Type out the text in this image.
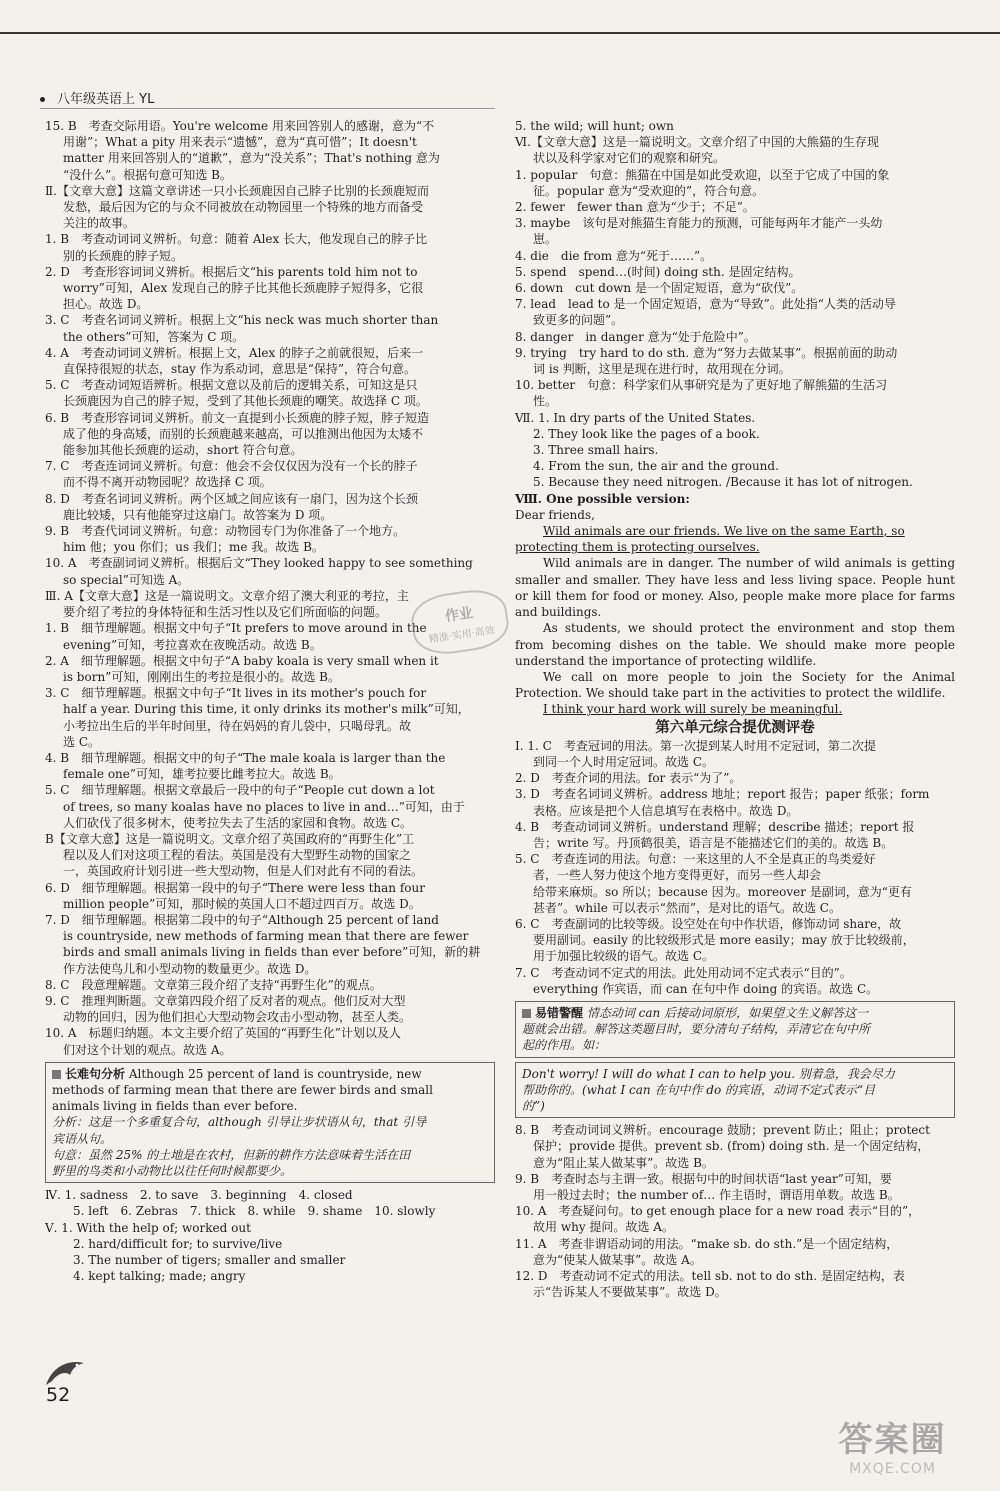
八年级英语上 YL

15. B　考查交际用语。You're welcome 用来回答别人的感谢，意为“不

用谢”；What a pity 用来表示“遗憾”，意为“真可惜”；It doesn't

matter 用来回答别人的“道歉”，意为“没关系”；That's nothing 意为

“没什么”。根据句意可知选 B。

Ⅱ.【文章大意】这篇文章讲述一只小长颈鹿因自己脖子比别的长颈鹿短而

发愁，最后因为它的与众不同被放在动物园里一个特殊的地方而备受

关注的故事。

1. B　考查动词词义辨析。句意：随着 Alex 长大，他发现自己的脖子比

别的长颈鹿的脖子短。

2. D　考查形容词词义辨析。根据后文“his parents told him not to

worry”可知，Alex 发现自己的脖子比其他长颈鹿脖子短得多，它很

担心。故选 D。

3. C　考查名词词义辨析。根据上文“his neck was much shorter than

the others”可知，答案为 C 项。

4. A　考查动词词义辨析。根据上文，Alex 的脖子之前就很短，后来一

直保持很短的状态，stay 作为系动词，意思是“保持”，符合句意。

5. C　考查动词短语辨析。根据文意以及前后的逻辑关系，可知这是只

长颈鹿因为自己的脖子短，受到了其他长颈鹿的嘲笑。故选择 C 项。

6. B　考查形容词词义辨析。前文一直提到小长颈鹿的脖子短，脖子短造

成了他的身高矮，而别的长颈鹿越来越高，可以推测出他因为太矮不

能参加其他长颈鹿的运动，short 符合句意。

7. C　考查连词词义辨析。句意：他会不会仅仅因为没有一个长的脖子

而不得不离开动物园呢？故选择 C 项。

8. D　考查名词词义辨析。两个区域之间应该有一扇门，因为这个长颈

鹿比较矮，只有他能穿过这扇门。故答案为 D 项。

9. B　考查代词词义辨析。句意：动物园专门为你准备了一个地方。

him 他；you 你们；us 我们；me 我。故选 B。

10. A　考查副词词义辨析。根据后文“They looked happy to see something

so special”可知选 A。

Ⅲ. A【文章大意】这是一篇说明文。文章介绍了澳大利亚的考拉，主

要介绍了考拉的身体特征和生活习性以及它们所面临的问题。

1. B　细节理解题。根据文中句子“It prefers to move around in the

evening”可知，考拉喜欢在夜晚活动。故选 B。

2. A　细节理解题。根据文中句子“A baby koala is very small when it

is born”可知，刚刚出生的考拉是很小的。故选 B。

3. C　细节理解题。根据文中句子“It lives in its mother's pouch for

half a year. During this time, it only drinks its mother's milk”可知，

小考拉出生后的半年时间里，待在妈妈的育儿袋中，只喝母乳。故

选 C。

4. B　细节理解题。根据文中的句子“The male koala is larger than the

female one”可知，雄考拉要比雌考拉大。故选 B。

5. C　细节理解题。根据文章最后一段中的句子“People cut down a lot

of trees, so many koalas have no places to live in and…”可知，由于

人们砍伐了很多树木，使考拉失去了生活的家园和食物。故选 C。

B【文章大意】这是一篇说明文。文章介绍了英国政府的“再野生化”工

程以及人们对这项工程的看法。英国是没有大型野生动物的国家之

一，英国政府计划引进一些大型动物，但是人们对此有不同的看法。

6. D　细节理解题。根据第一段中的句子“There were less than four

million people”可知，那时候的英国人口不超过四百万。故选 D。

7. D　细节理解题。根据第二段中的句子“Although 25 percent of land

is countryside, new methods of farming mean that there are fewer

birds and small animals living in fields than ever before”可知，新的耕

作方法使鸟儿和小型动物的数量更少。故选 D。

8. C　段意理解题。文章第三段介绍了支持“再野生化”的观点。

9. C　推理判断题。文章第四段介绍了反对者的观点。他们反对大型

动物的回归，因为他们担心大型动物会攻击小型动物，甚至人类。

10. A　标题归纳题。本文主要介绍了英国的“再野生化”计划以及人

们对这个计划的观点。故选 A。

长难句分析 Although 25 percent of land is countryside, new

methods of farming mean that there are fewer birds and small

animals living in fields than ever before.

分析：这是一个多重复合句，although 引导让步状语从句，that 引导

宾语从句。

句意：虽然 25% 的土地是在农村，但新的耕作方法意味着生活在田

野里的鸟类和小动物比以往任何时候都要少。

Ⅳ. 1. sadness　2. to save　3. beginning　4. closed

5. left　6. Zebras　7. thick　8. while　9. shame　10. slowly

Ⅴ. 1. With the help of; worked out

2. hard/difficult for; to survive/live

3. The number of tigers; smaller and smaller

4. kept talking; made; angry

5. the wild; will hunt; own

Ⅵ.【文章大意】这是一篇说明文。文章介绍了中国的大熊猫的生存现

状以及科学家对它们的观察和研究。

1. popular　句意：熊猫在中国是如此受欢迎，以至于它成了中国的象

征。popular 意为“受欢迎的”，符合句意。

2. fewer　fewer than 意为“少于；不足”。

3. maybe　该句是对熊猫生育能力的预测，可能每两年才能产一头幼

崽。

4. die　die from 意为“死于……”。

5. spend　spend…(时间) doing sth. 是固定结构。

6. down　cut down 是一个固定短语，意为“砍伐”。

7. lead　lead to 是一个固定短语，意为“导致”。此处指“人类的活动导

致更多的问题”。

8. danger　in danger 意为“处于危险中”。

9. trying　try hard to do sth. 意为“努力去做某事”。根据前面的助动

词 is 判断，这里是现在进行时，故用现在分词。

10. better　句意：科学家们从事研究是为了更好地了解熊猫的生活习

性。

Ⅶ. 1. In dry parts of the United States.

2. They look like the pages of a book.

3. Three small hairs.

4. From the sun, the air and the ground.

5. Because they need nitrogen. /Because it has lot of nitrogen.

Ⅷ. One possible version:

Dear friends,

Wild animals are our friends. We live on the same Earth, so

protecting them is protecting ourselves.

Wild animals are in danger. The number of wild animals is getting smaller and smaller. They have less and less living space. People hunt or kill them for food or money. Also, people make more place for farms and buildings.

As students, we should protect the environment and stop them from becoming dishes on the table. We should make more people understand the importance of protecting wildlife.

We call on more people to join the Society for the Animal Protection. We should take part in the activities to protect the wildlife.

I think your hard work will surely be meaningful.

第六单元综合提优测评卷

Ⅰ. 1. C　考查冠词的用法。第一次提到某人时用不定冠词，第二次提

到同一个人时用定冠词。故选 C。

2. D　考查介词的用法。for 表示“为了”。

3. D　考查名词词义辨析。address 地址；report 报告；paper 纸张；form

表格。应该是把个人信息填写在表格中。故选 D。

4. B　考查动词词义辨析。understand 理解；describe 描述；report 报

告；write 写。丹顶鹤很美，语言是不能描述它们的美的。故选 B。

5. C　考查连词的用法。句意：一来这里的人不全是真正的鸟类爱好

者，一些人努力使这个地方变得更好，而另一些人却会

给带来麻烦。so 所以；because 因为。moreover 是副词，意为“更有

甚者”。while 可以表示“然而”，是对比的语气。故选 C。

6. C　考查副词的比较等级。设空处在句中作状语，修饰动词 share，故

要用副词。easily 的比较级形式是 more easily；may 放于比较级前，

用于加强比较级的语气。故选 C。

7. C　考查动词不定式的用法。此处用动词不定式表示“目的”。

everything 作宾语，而 can 在句中作 doing 的宾语。故选 C。

易错警醒 情态动词 can 后接动词原形，如果望文生义解答这一

题就会出错。解答这类题目时，要分清句子结构，弄清它在句中所

起的作用。如：

Don't worry! I will do what I can to help you. 别着急，我会尽力

帮助你的。(what I can 在句中作 do 的宾语，动词不定式表示“目

的”)

8. B　考查动词词义辨析。encourage 鼓励；prevent 防止；阻止；protect

保护；provide 提供。prevent sb. (from) doing sth. 是一个固定结构，

意为“阻止某人做某事”。故选 B。

9. B　考查时态与主谓一致。根据句中的时间状语“last year”可知，要

用一般过去时；the number of… 作主语时，谓语用单数。故选 B。

10. A　考查疑问句。to get enough place for a new road 表示“目的”，

故用 why 提问。故选 A。

11. A　考查非谓语动词的用法。“make sb. do sth.”是一个固定结构，

意为“使某人做某事”。故选 A。

12. D　考查动词不定式的用法。tell sb. not to do sth. 是固定结构，表

示“告诉某人不要做某事”。故选 D。

作业
精准·实用·高效
52
答案圈
MXQE.COM
